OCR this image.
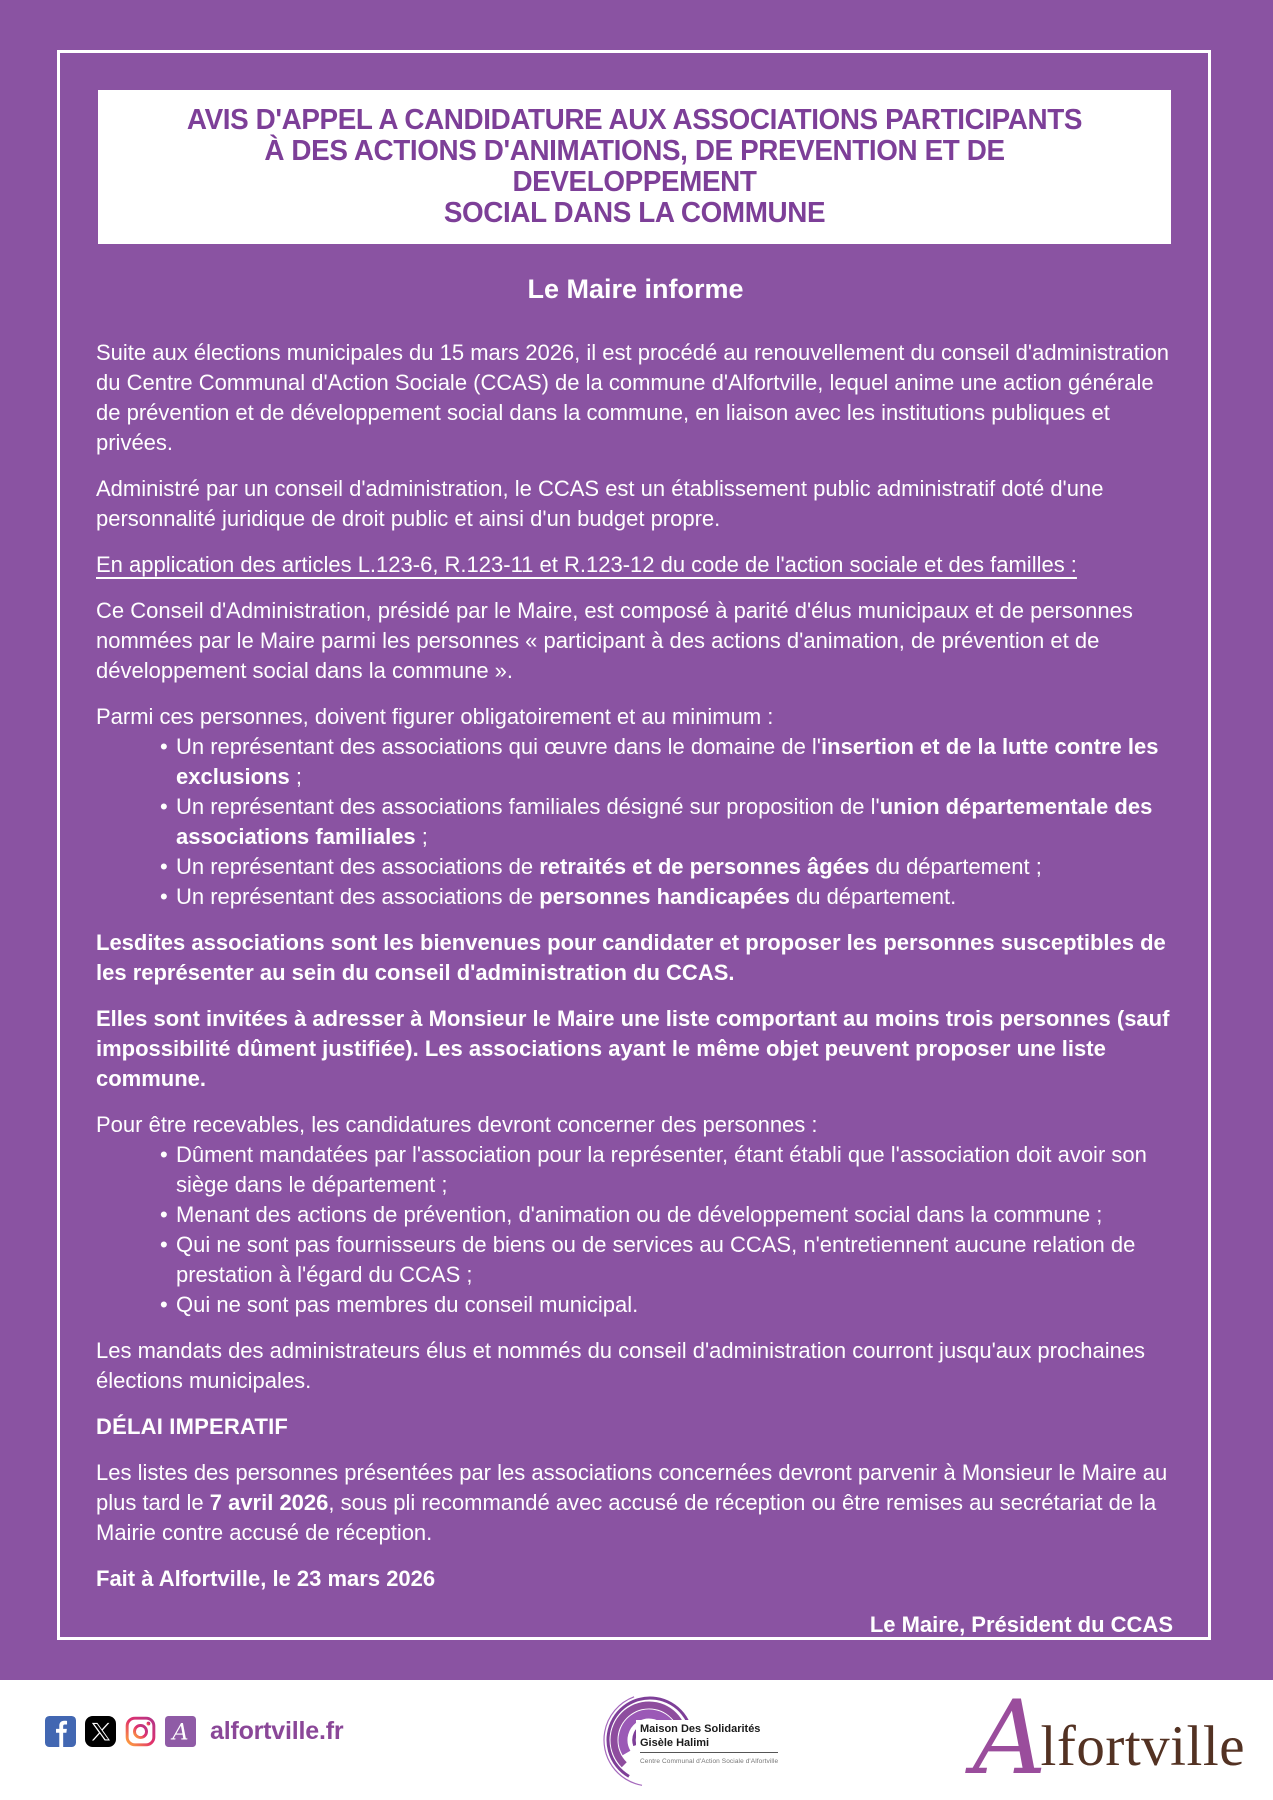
AVIS D'APPEL A CANDIDATURE AUX ASSOCIATIONS PARTICIPANTS
À DES ACTIONS D'ANIMATIONS, DE PREVENTION ET DE DEVELOPPEMENT
SOCIAL DANS LA COMMUNE
Le Maire informe

Suite aux élections municipales du 15 mars 2026, il est procédé au renouvellement du conseil d'administration du Centre Communal d'Action Sociale (CCAS) de la commune d'Alfortville, lequel anime une action générale de prévention et de développement social dans la commune, en liaison avec les institutions publiques et privées.

Administré par un conseil d'administration, le CCAS est un établissement public administratif doté d'une personnalité juridique de droit public et ainsi d'un budget propre.

En application des articles L.123-6, R.123-11 et R.123-12 du code de l'action sociale et des familles :

Ce Conseil d'Administration, présidé par le Maire, est composé à parité d'élus municipaux et de personnes nommées par le Maire parmi les personnes « participant à des actions d'animation, de prévention et de développement social dans la commune ».

Parmi ces personnes, doivent figurer obligatoirement et au minimum :

• Un représentant des associations qui œuvre dans le domaine de l'insertion et de la lutte contre les exclusions ;
• Un représentant des associations familiales désigné sur proposition de l'union départementale des associations familiales ;
• Un représentant des associations de retraités et de personnes âgées du département ;
• Un représentant des associations de personnes handicapées du département.

Lesdites associations sont les bienvenues pour candidater et proposer les personnes susceptibles de les représenter au sein du conseil d'administration du CCAS.

Elles sont invitées à adresser à Monsieur le Maire une liste comportant au moins trois personnes (sauf impossibilité dûment justifiée). Les associations ayant le même objet peuvent proposer une liste commune.

Pour être recevables, les candidatures devront concerner des personnes :

• Dûment mandatées par l'association pour la représenter, étant établi que l'association doit avoir son siège dans le département ;
• Menant des actions de prévention, d'animation ou de développement social dans la commune ;
• Qui ne sont pas fournisseurs de biens ou de services au CCAS, n'entretiennent aucune relation de prestation à l'égard du CCAS ;
• Qui ne sont pas membres du conseil municipal.

Les mandats des administrateurs élus et nommés du conseil d'administration courront jusqu'aux prochaines élections municipales.

DÉLAI IMPERATIF

Les listes des personnes présentées par les associations concernées devront parvenir à Monsieur le Maire au plus tard le 7 avril 2026, sous pli recommandé avec accusé de réception ou être remises au secrétariat de la Mairie contre accusé de réception.

Fait à Alfortville, le 23 mars 2026

Le Maire, Président du CCAS
A alfortville.fr	Maison Des Solidarités
Gisèle Halimi
Centre Communal d'Action Sociale d'Alfortville A
lfortville
